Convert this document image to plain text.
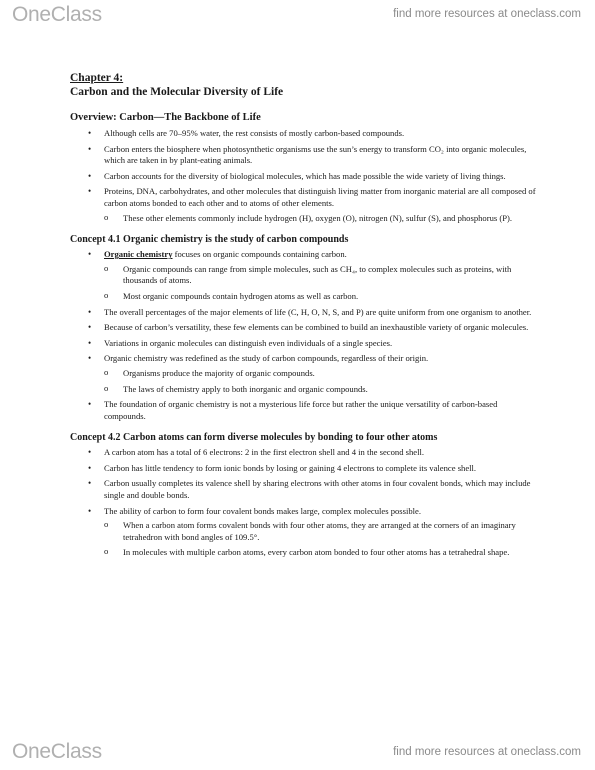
OneClass	find more resources at oneclass.com
Chapter 4:
Carbon and the Molecular Diversity of Life
Overview: Carbon—The Backbone of Life
• Although cells are 70–95% water, the rest consists of mostly carbon-based compounds.
• Carbon enters the biosphere when photosynthetic organisms use the sun’s energy to transform CO₂ into organic molecules, which are taken in by plant-eating animals.
• Carbon accounts for the diversity of biological molecules, which has made possible the wide variety of living things.
• Proteins, DNA, carbohydrates, and other molecules that distinguish living matter from inorganic material are all composed of carbon atoms bonded to each other and to atoms of other elements.
o These other elements commonly include hydrogen (H), oxygen (O), nitrogen (N), sulfur (S), and phosphorus (P).
Concept 4.1 Organic chemistry is the study of carbon compounds
• Organic chemistry focuses on organic compounds containing carbon.
o Organic compounds can range from simple molecules, such as CH₄, to complex molecules such as proteins, with thousands of atoms.
o Most organic compounds contain hydrogen atoms as well as carbon.
• The overall percentages of the major elements of life (C, H, O, N, S, and P) are quite uniform from one organism to another.
• Because of carbon’s versatility, these few elements can be combined to build an inexhaustible variety of organic molecules.
• Variations in organic molecules can distinguish even individuals of a single species.
• Organic chemistry was redefined as the study of carbon compounds, regardless of their origin.
o Organisms produce the majority of organic compounds.
o The laws of chemistry apply to both inorganic and organic compounds.
• The foundation of organic chemistry is not a mysterious life force but rather the unique versatility of carbon-based compounds.
Concept 4.2 Carbon atoms can form diverse molecules by bonding to four other atoms
• A carbon atom has a total of 6 electrons: 2 in the first electron shell and 4 in the second shell.
• Carbon has little tendency to form ionic bonds by losing or gaining 4 electrons to complete its valence shell.
• Carbon usually completes its valence shell by sharing electrons with other atoms in four covalent bonds, which may include single and double bonds.
• The ability of carbon to form four covalent bonds makes large, complex molecules possible.
o When a carbon atom forms covalent bonds with four other atoms, they are arranged at the corners of an imaginary tetrahedron with bond angles of 109.5°.
o In molecules with multiple carbon atoms, every carbon atom bonded to four other atoms has a tetrahedral shape.
OneClass	find more resources at oneclass.com
